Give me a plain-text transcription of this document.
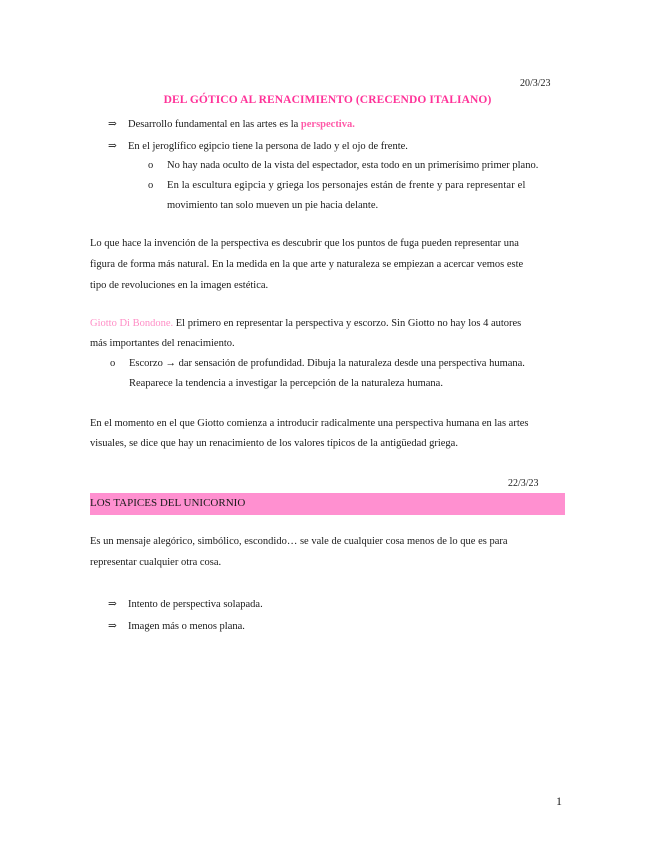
20/3/23
DEL GÓTICO AL RENACIMIENTO (CRECENDO ITALIANO)
⇒ Desarrollo fundamental en las artes es la perspectiva.
⇒ En el jeroglífico egipcio tiene la persona de lado y el ojo de frente.
o No hay nada oculto de la vista del espectador, esta todo en un primerísimo primer plano.
o En la escultura egipcia y griega los personajes están de frente y para representar el
movimiento tan solo mueven un pie hacia delante.
Lo que hace la invención de la perspectiva es descubrir que los puntos de fuga pueden representar una
figura de forma más natural. En la medida en la que arte y naturaleza se empiezan a acercar vemos este
tipo de revoluciones en la imagen estética.
Giotto Di Bondone. El primero en representar la perspectiva y escorzo. Sin Giotto no hay los 4 autores
más importantes del renacimiento.
o Escorzo → dar sensación de profundidad. Dibuja la naturaleza desde una perspectiva humana.
Reaparece la tendencia a investigar la percepción de la naturaleza humana.
En el momento en el que Giotto comienza a introducir radicalmente una perspectiva humana en las artes
visuales, se dice que hay un renacimiento de los valores típicos de la antigüedad griega.
22/3/23
LOS TAPICES DEL UNICORNIO
Es un mensaje alegórico, simbólico, escondido… se vale de cualquier cosa menos de lo que es para
representar cualquier otra cosa.
⇒ Intento de perspectiva solapada.
⇒ Imagen más o menos plana.
1
